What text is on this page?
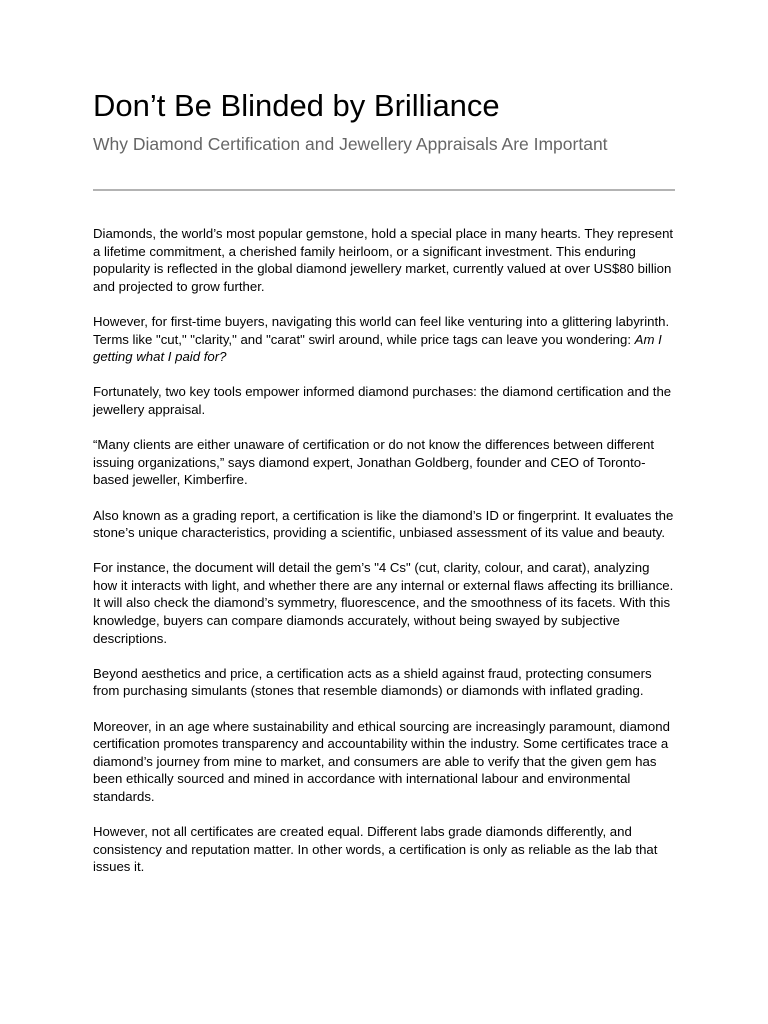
Don’t Be Blinded by Brilliance
Why Diamond Certification and Jewellery Appraisals Are Important

Diamonds, the world’s most popular gemstone, hold a special place in many hearts. They represent a lifetime commitment, a cherished family heirloom, or a significant investment. This enduring popularity is reflected in the global diamond jewellery market, currently valued at over US$80 billion and projected to grow further.

However, for first-time buyers, navigating this world can feel like venturing into a glittering labyrinth. Terms like "cut," "clarity," and "carat" swirl around, while price tags can leave you wondering: Am I getting what I paid for?

Fortunately, two key tools empower informed diamond purchases: the diamond certification and the jewellery appraisal.

“Many clients are either unaware of certification or do not know the differences between different issuing organizations,” says diamond expert, Jonathan Goldberg, founder and CEO of Toronto-based jeweller, Kimberfire.

Also known as a grading report, a certification is like the diamond’s ID or fingerprint. It evaluates the stone’s unique characteristics, providing a scientific, unbiased assessment of its value and beauty.

For instance, the document will detail the gem’s "4 Cs" (cut, clarity, colour, and carat), analyzing how it interacts with light, and whether there are any internal or external flaws affecting its brilliance. It will also check the diamond’s symmetry, fluorescence, and the smoothness of its facets. With this knowledge, buyers can compare diamonds accurately, without being swayed by subjective descriptions.

Beyond aesthetics and price, a certification acts as a shield against fraud, protecting consumers from purchasing simulants (stones that resemble diamonds) or diamonds with inflated grading.

Moreover, in an age where sustainability and ethical sourcing are increasingly paramount, diamond certification promotes transparency and accountability within the industry. Some certificates trace a diamond’s journey from mine to market, and consumers are able to verify that the given gem has been ethically sourced and mined in accordance with international labour and environmental standards.

However, not all certificates are created equal. Different labs grade diamonds differently, and consistency and reputation matter. In other words, a certification is only as reliable as the lab that issues it.
